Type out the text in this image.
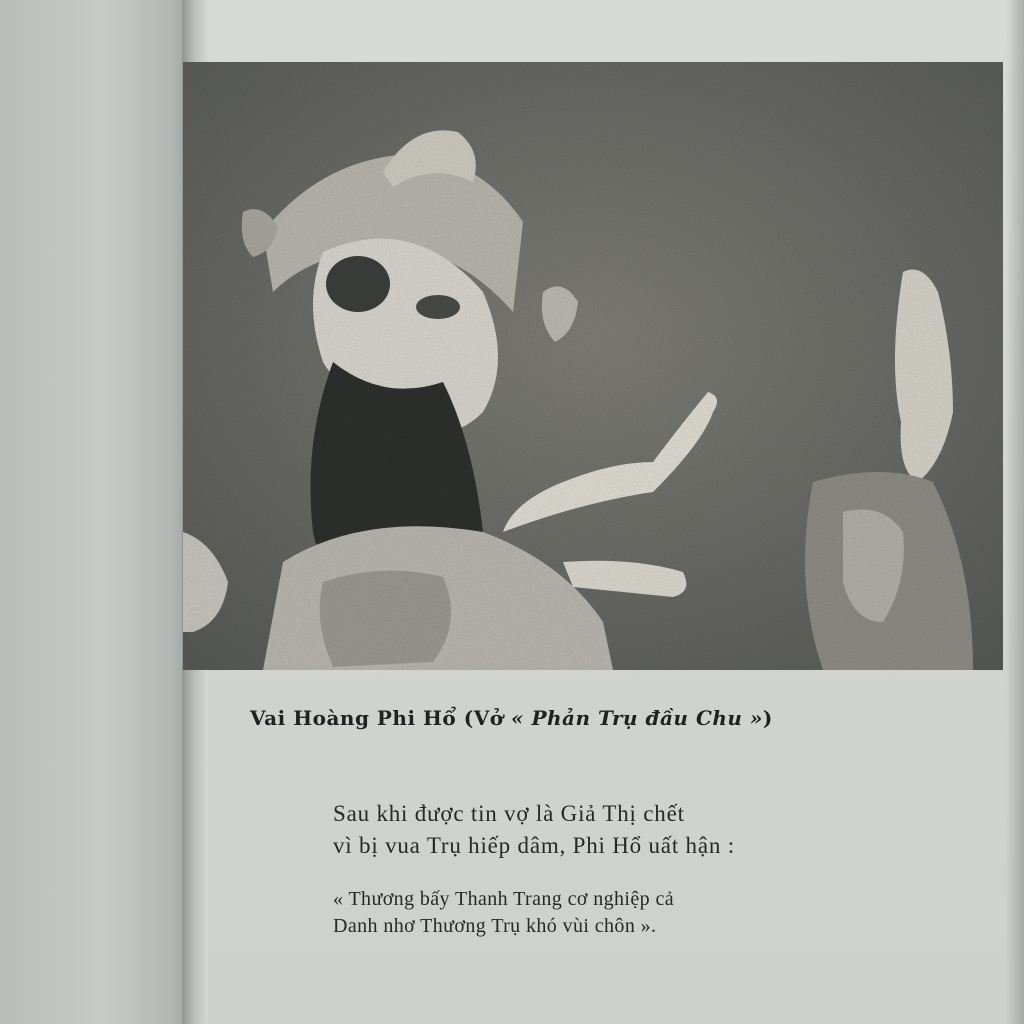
Vai Hoàng Phi Hổ (Vở « Phản Trụ đầu Chu »)
Sau khi được tin vợ là Giả Thị chết
vì bị vua Trụ hiếp dâm, Phi Hổ uất hận :
« Thương bấy Thanh Trang cơ nghiệp cả
Danh nhơ Thương Trụ khó vùi chôn ».
